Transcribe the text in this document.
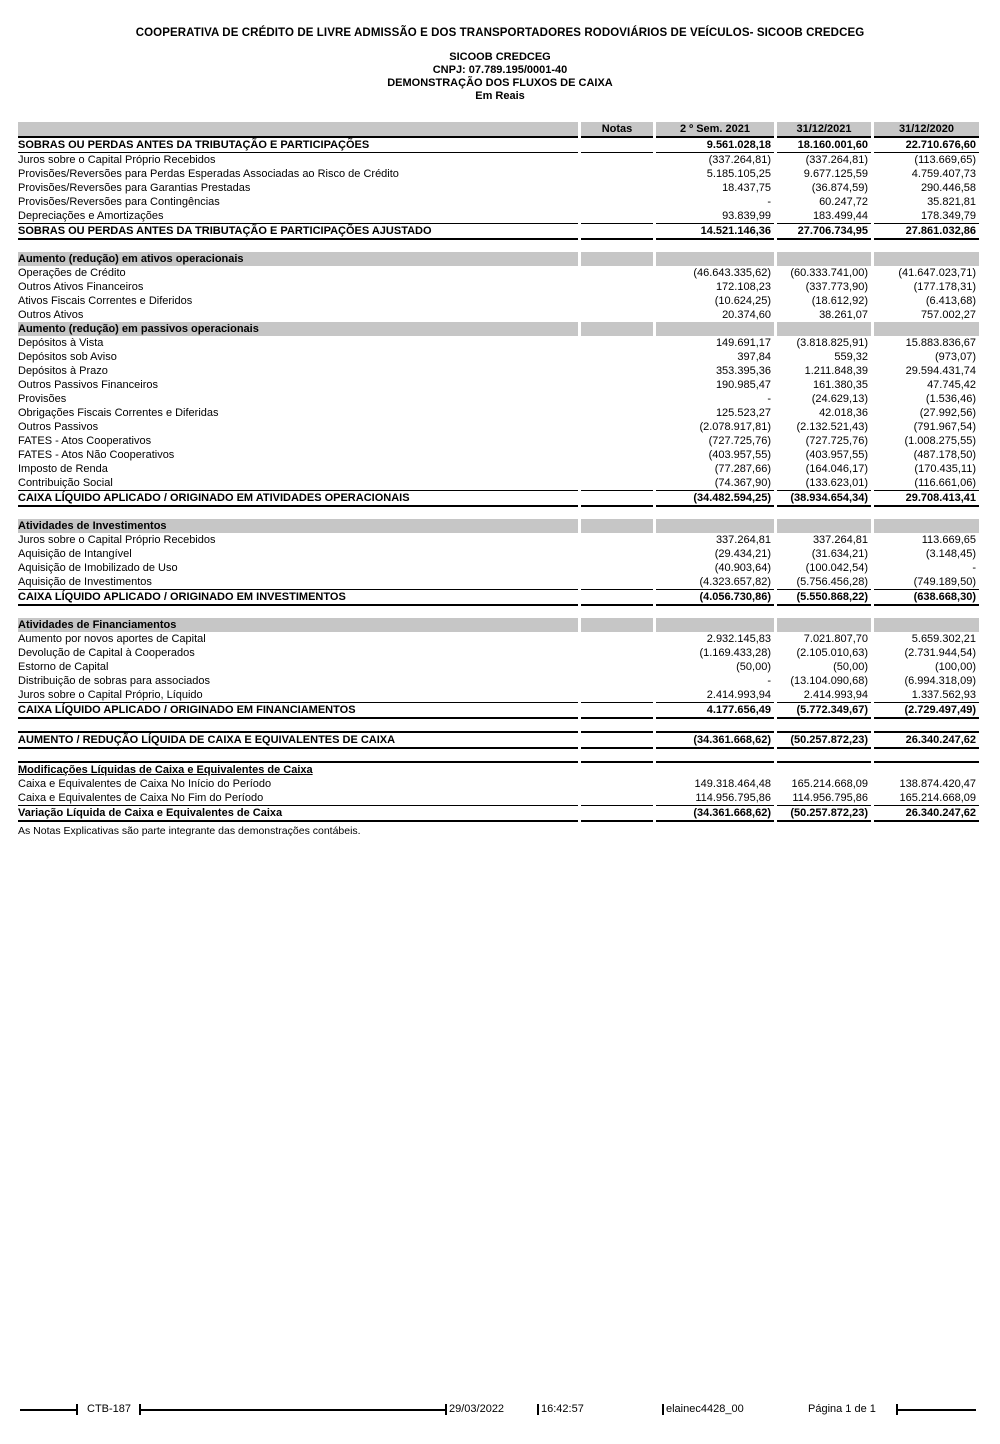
COOPERATIVA DE CRÉDITO DE LIVRE ADMISSÃO E DOS TRANSPORTADORES RODOVIÁRIOS DE VEÍCULOS- SICOOB CREDCEG
SICOOB CREDCEG
CNPJ: 07.789.195/0001-40
DEMONSTRAÇÃO DOS FLUXOS DE CAIXA
Em Reais
	Notas	2 º Sem. 2021	31/12/2021	31/12/2020
SOBRAS OU PERDAS ANTES DA TRIBUTAÇÃO E PARTICIPAÇÕES		9.561.028,18	18.160.001,60	22.710.676,60
Juros sobre o Capital Próprio Recebidos		(337.264,81)	(337.264,81)	(113.669,65)
Provisões/Reversões para Perdas Esperadas Associadas ao Risco de Crédito		5.185.105,25	9.677.125,59	4.759.407,73
Provisões/Reversões para Garantias Prestadas		18.437,75	(36.874,59)	290.446,58
Provisões/Reversões para Contingências		-	60.247,72	35.821,81
Depreciações e Amortizações		93.839,99	183.499,44	178.349,79
SOBRAS OU PERDAS ANTES DA TRIBUTAÇÃO E PARTICIPAÇÕES AJUSTADO		14.521.146,36	27.706.734,95	27.861.032,86

Aumento (redução) em ativos operacionais				
Operações de Crédito		(46.643.335,62)	(60.333.741,00)	(41.647.023,71)
Outros Ativos Financeiros		172.108,23	(337.773,90)	(177.178,31)
Ativos Fiscais Correntes e Diferidos		(10.624,25)	(18.612,92)	(6.413,68)
Outros Ativos		20.374,60	38.261,07	757.002,27
Aumento (redução) em passivos operacionais				
Depósitos à Vista		149.691,17	(3.818.825,91)	15.883.836,67
Depósitos sob Aviso		397,84	559,32	(973,07)
Depósitos à Prazo		353.395,36	1.211.848,39	29.594.431,74
Outros Passivos Financeiros		190.985,47	161.380,35	47.745,42
Provisões		-	(24.629,13)	(1.536,46)
Obrigações Fiscais Correntes e Diferidas		125.523,27	42.018,36	(27.992,56)
Outros Passivos		(2.078.917,81)	(2.132.521,43)	(791.967,54)
FATES - Atos Cooperativos		(727.725,76)	(727.725,76)	(1.008.275,55)
FATES - Atos Não Cooperativos		(403.957,55)	(403.957,55)	(487.178,50)
Imposto de Renda		(77.287,66)	(164.046,17)	(170.435,11)
Contribuição Social		(74.367,90)	(133.623,01)	(116.661,06)
CAIXA LÍQUIDO APLICADO / ORIGINADO EM ATIVIDADES OPERACIONAIS		(34.482.594,25)	(38.934.654,34)	29.708.413,41

Atividades de Investimentos				
Juros sobre o Capital Próprio Recebidos		337.264,81	337.264,81	113.669,65
Aquisição de Intangível		(29.434,21)	(31.634,21)	(3.148,45)
Aquisição de Imobilizado de Uso		(40.903,64)	(100.042,54)	-
Aquisição de Investimentos		(4.323.657,82)	(5.756.456,28)	(749.189,50)
CAIXA LÍQUIDO APLICADO / ORIGINADO EM INVESTIMENTOS		(4.056.730,86)	(5.550.868,22)	(638.668,30)

Atividades de Financiamentos				
Aumento por novos aportes de Capital		2.932.145,83	7.021.807,70	5.659.302,21
Devolução de Capital à Cooperados		(1.169.433,28)	(2.105.010,63)	(2.731.944,54)
Estorno de Capital		(50,00)	(50,00)	(100,00)
Distribuição de sobras para associados		-	(13.104.090,68)	(6.994.318,09)
Juros sobre o Capital Próprio, Líquido		2.414.993,94	2.414.993,94	1.337.562,93
CAIXA LÍQUIDO APLICADO / ORIGINADO EM FINANCIAMENTOS		4.177.656,49	(5.772.349,67)	(2.729.497,49)

AUMENTO / REDUÇÃO LÍQUIDA DE CAIXA E EQUIVALENTES DE CAIXA		(34.361.668,62)	(50.257.872,23)	26.340.247,62

Modificações Líquidas de Caixa e Equivalentes de Caixa				
Caixa e Equivalentes de Caixa No Início do Período		149.318.464,48	165.214.668,09	138.874.420,47
Caixa e Equivalentes de Caixa No Fim do Período		114.956.795,86	114.956.795,86	165.214.668,09
Variação Líquida de Caixa e Equivalentes de Caixa		(34.361.668,62)	(50.257.872,23)	26.340.247,62
As Notas Explicativas são parte integrante das demonstrações contábeis.
CTB-187	29/03/2022	16:42:57	elainec4428_00	Página 1 de 1
